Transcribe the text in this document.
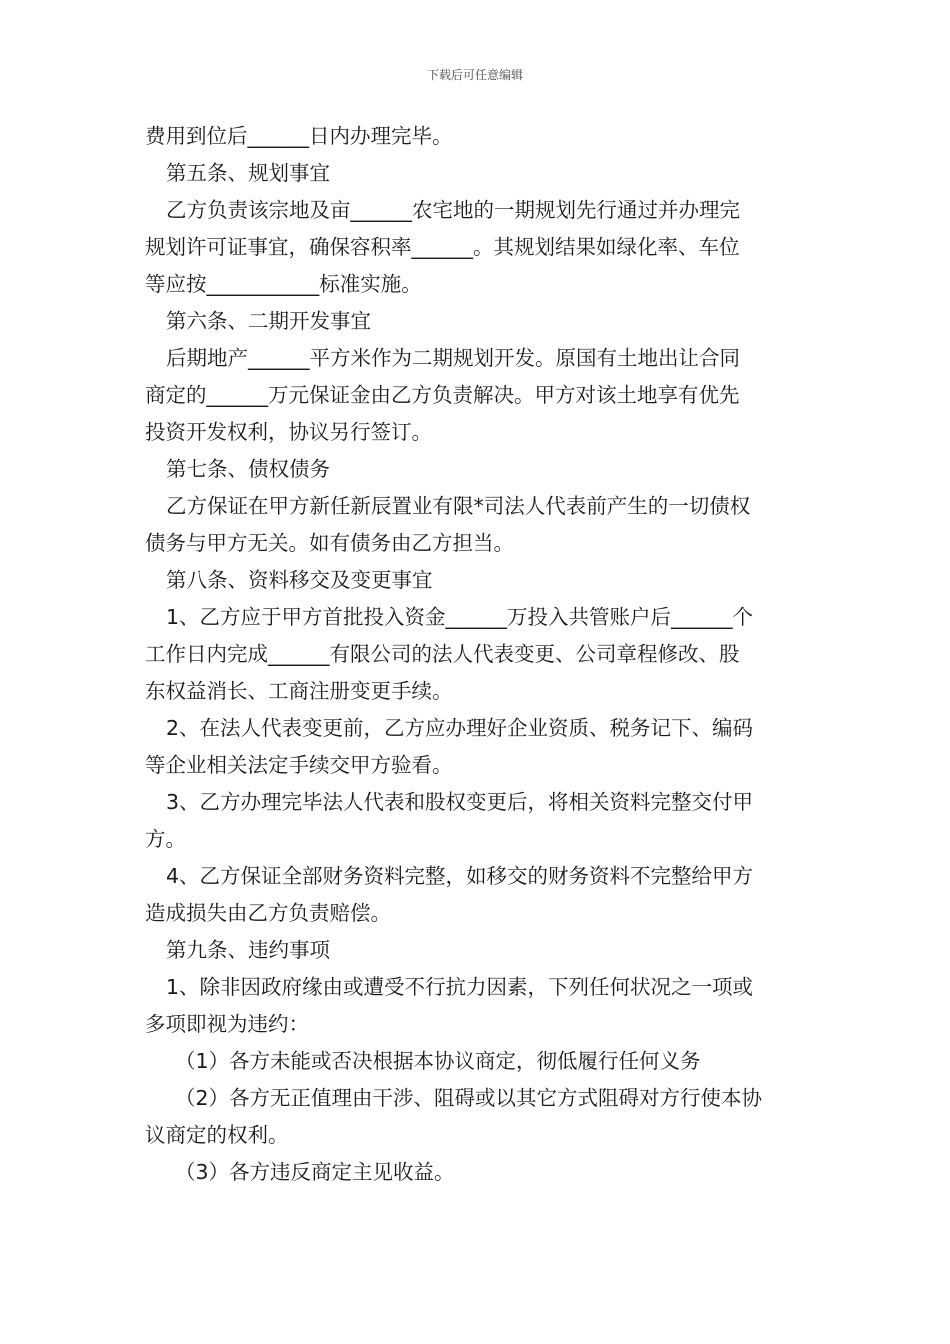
下载后可任意编辑
费用到位后______日内办理完毕。
第五条、规划事宜
乙方负责该宗地及亩______农宅地的一期规划先行通过并办理完
规划许可证事宜，确保容积率______。其规划结果如绿化率、车位
等应按___________标准实施。
第六条、二期开发事宜
后期地产______平方米作为二期规划开发。原国有土地出让合同
商定的______万元保证金由乙方负责解决。甲方对该土地享有优先
投资开发权利，协议另行签订。
第七条、债权债务
乙方保证在甲方新任新辰置业有限*司法人代表前产生的一切债权
债务与甲方无关。如有债务由乙方担当。
第八条、资料移交及变更事宜
1、乙方应于甲方首批投入资金______万投入共管账户后______个
工作日内完成______有限公司的法人代表变更、公司章程修改、股
东权益消长、工商注册变更手续。
2、在法人代表变更前，乙方应办理好企业资质、税务记下、编码
等企业相关法定手续交甲方验看。
3、乙方办理完毕法人代表和股权变更后，将相关资料完整交付甲
方。
4、乙方保证全部财务资料完整，如移交的财务资料不完整给甲方
造成损失由乙方负责赔偿。
第九条、违约事项
1、除非因政府缘由或遭受不行抗力因素，下列任何状况之一项或
多项即视为违约：
（1）各方未能或否决根据本协议商定，彻低履行任何义务
（2）各方无正值理由干涉、阻碍或以其它方式阻碍对方行使本协
议商定的权利。
（3）各方违反商定主见收益。
